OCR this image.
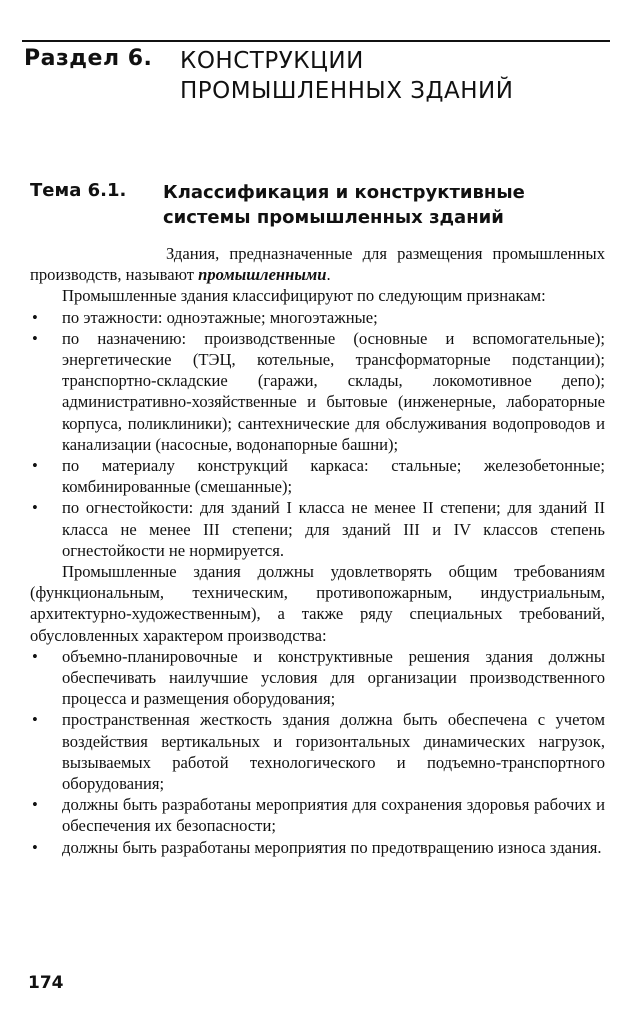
Раздел 6. КОНСТРУКЦИИ
ПРОМЫШЛЕННЫХ ЗДАНИЙ
Тема 6.1. Классификация и конструктивные
системы промышленных зданий

Здания, предназначенные для размещения промышленных производств, называют промышленными.

Промышленные здания классифицируют по следующим признакам:

• по этажности: одноэтажные; многоэтажные;
• по назначению: производственные (основные и вспомогательные); энергетические (ТЭЦ, котельные, трансформаторные подстанции); транспортно-складские (гаражи, склады, локомотивное депо); административно-хозяйственные и бытовые (инженерные, лабораторные корпуса, поликлиники); сантехнические для обслуживания водопроводов и канализации (насосные, водонапорные башни);
• по материалу конструкций каркаса: стальные; железобетонные; комбинированные (смешанные);
• по огнестойкости: для зданий I класса не менее II степени; для зданий II класса не менее III степени; для зданий III и IV классов степень огнестойкости не нормируется.

Промышленные здания должны удовлетворять общим требованиям (функциональным, техническим, противопожарным, индустриальным, архитектурно-художественным), а также ряду специальных требований, обусловленных характером производства:

• объемно-планировочные и конструктивные решения здания должны обеспечивать наилучшие условия для организации производственного процесса и размещения оборудования;
• пространственная жесткость здания должна быть обеспечена с учетом воздействия вертикальных и горизонтальных динамических нагрузок, вызываемых работой технологического и подъемно-транспортного оборудования;
• должны быть разработаны мероприятия для сохранения здоровья рабочих и обеспечения их безопасности;
• должны быть разработаны мероприятия по предотвращению износа здания.
174
